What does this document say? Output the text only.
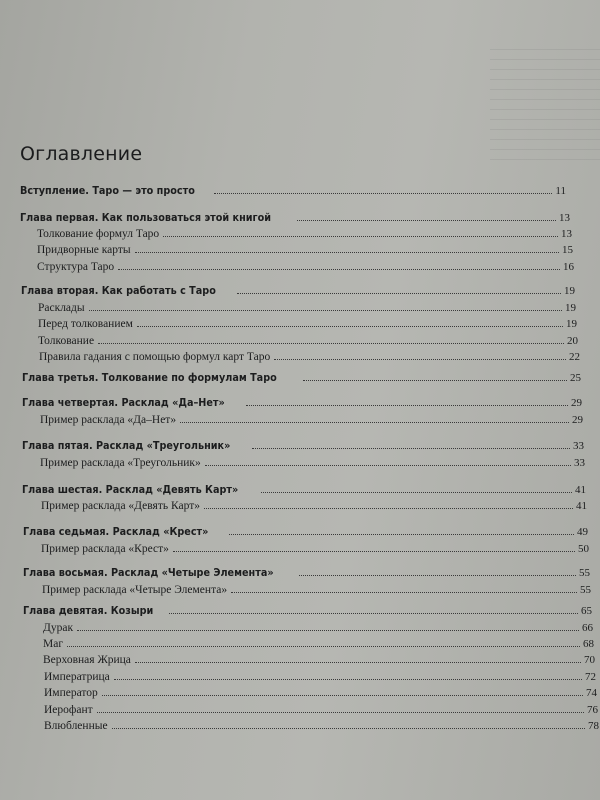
Оглавление
Вступление. Таро — это просто	11
Глава первая. Как пользоваться этой книгой	13
Толкование формул Таро	13
Придворные карты	15
Структура Таро	16
Глава вторая. Как работать с Таро	19
Расклады	19
Перед толкованием	19
Толкование	20
Правила гадания с помощью формул карт Таро	22
Глава третья. Толкование по формулам Таро	25
Глава четвертая. Расклад «Да–Нет»	29
Пример расклада «Да–Нет»	29
Глава пятая. Расклад «Треугольник»	33
Пример расклада «Треугольник»	33
Глава шестая. Расклад «Девять Карт»	41
Пример расклада «Девять Карт»	41
Глава седьмая. Расклад «Крест»	49
Пример расклада «Крест»	50
Глава восьмая. Расклад «Четыре Элемента»	55
Пример расклада «Четыре Элемента»	55
Глава девятая. Козыри	65
Дурак	66
Маг	68
Верховная Жрица	70
Императрица	72
Император	74
Иерофант	76
Влюбленные	78
